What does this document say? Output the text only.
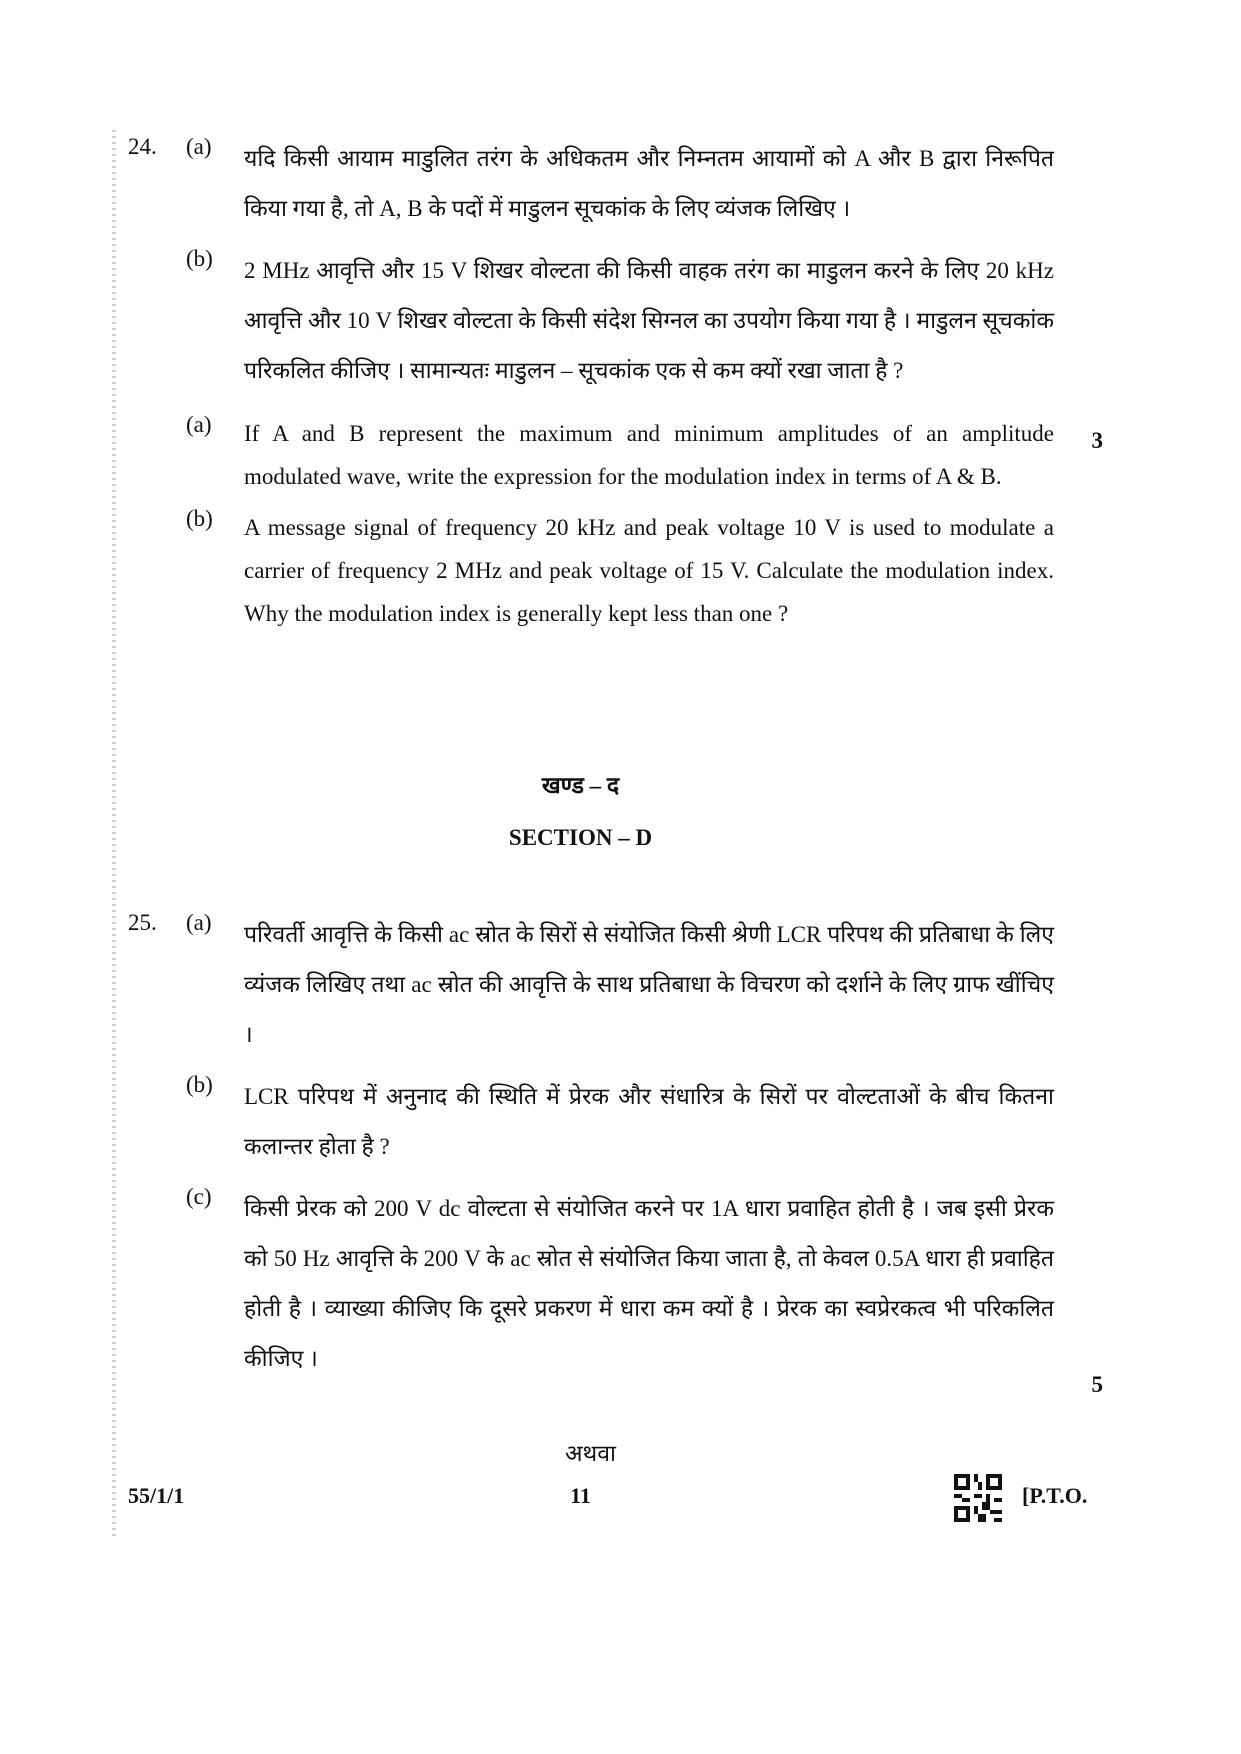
24.	(a) यदि किसी आयाम माडुलित तरंग के अधिकतम और निम्नतम आयामों को A और B द्वारा निरूपित किया गया है, तो A, B के पदों में माडुलन सूचकांक के लिए व्यंजक लिखिए ।
(b) 2 MHz आवृत्ति और 15 V शिखर वोल्टता की किसी वाहक तरंग का माडुलन करने के लिए 20 kHz आवृत्ति और 10 V शिखर वोल्टता के किसी संदेश सिग्नल का उपयोग किया गया है । माडुलन सूचकांक परिकलित कीजिए । सामान्यतः माडुलन – सूचकांक एक से कम क्यों रखा जाता है ?
(a) If A and B represent the maximum and minimum amplitudes of an amplitude modulated wave, write the expression for the modulation index in terms of A & B.
(b) A message signal of frequency 20 kHz and peak voltage 10 V is used to modulate a carrier of frequency 2 MHz and peak voltage of 15 V. Calculate the modulation index. Why the modulation index is generally kept less than one ?
3
खण्ड – द
SECTION – D
25.	(a) परिवर्ती आवृत्ति के किसी ac स्रोत के सिरों से संयोजित किसी श्रेणी LCR परिपथ की प्रतिबाधा के लिए व्यंजक लिखिए तथा ac स्रोत की आवृत्ति के साथ प्रतिबाधा के विचरण को दर्शाने के लिए ग्राफ खींचिए ।
(b) LCR परिपथ में अनुनाद की स्थिति में प्रेरक और संधारित्र के सिरों पर वोल्टताओं के बीच कितना कलान्तर होता है ?
(c) किसी प्रेरक को 200 V dc वोल्टता से संयोजित करने पर 1A धारा प्रवाहित होती है । जब इसी प्रेरक को 50 Hz आवृत्ति के 200 V के ac स्रोत से संयोजित किया जाता है, तो केवल 0.5A धारा ही प्रवाहित होती है । व्याख्या कीजिए कि दूसरे प्रकरण में धारा कम क्यों है । प्रेरक का स्वप्रेरकत्व भी परिकलित कीजिए ।
5
अथवा
55/1/1	11	[P.T.O.
